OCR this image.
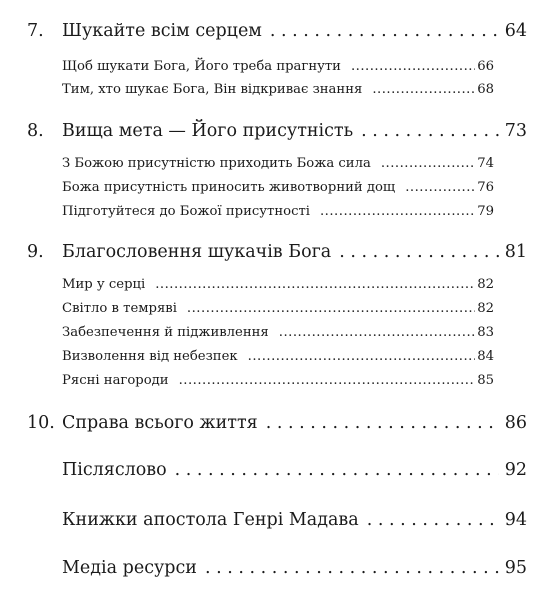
7.	Шукайте всім серцем . . .	64
Щоб шукати Бога, Його треба прагнути .....	66
Тим, хто шукає Бога, Він відкриває знання .....	68
8.	Вища мета — Його присутність . . .	73
З Божою присутністю приходить Божа сила .....	74
Божа присутність приносить животворний дощ .....	76
Підготуйтеся до Божої присутності .....	79
9.	Благословення шукачів Бога . . .	81
Мир у серці .....	82
Світло в темряві .....	82
Забезпечення й підживлення .....	83
Визволення від небезпек .....	84
Рясні нагороди .....	85
10. Справа всього життя . . .	86
Післяслово . . .	92
Книжки апостола Генрі Мадава . . .	94
Медіа ресурси . . .	95
